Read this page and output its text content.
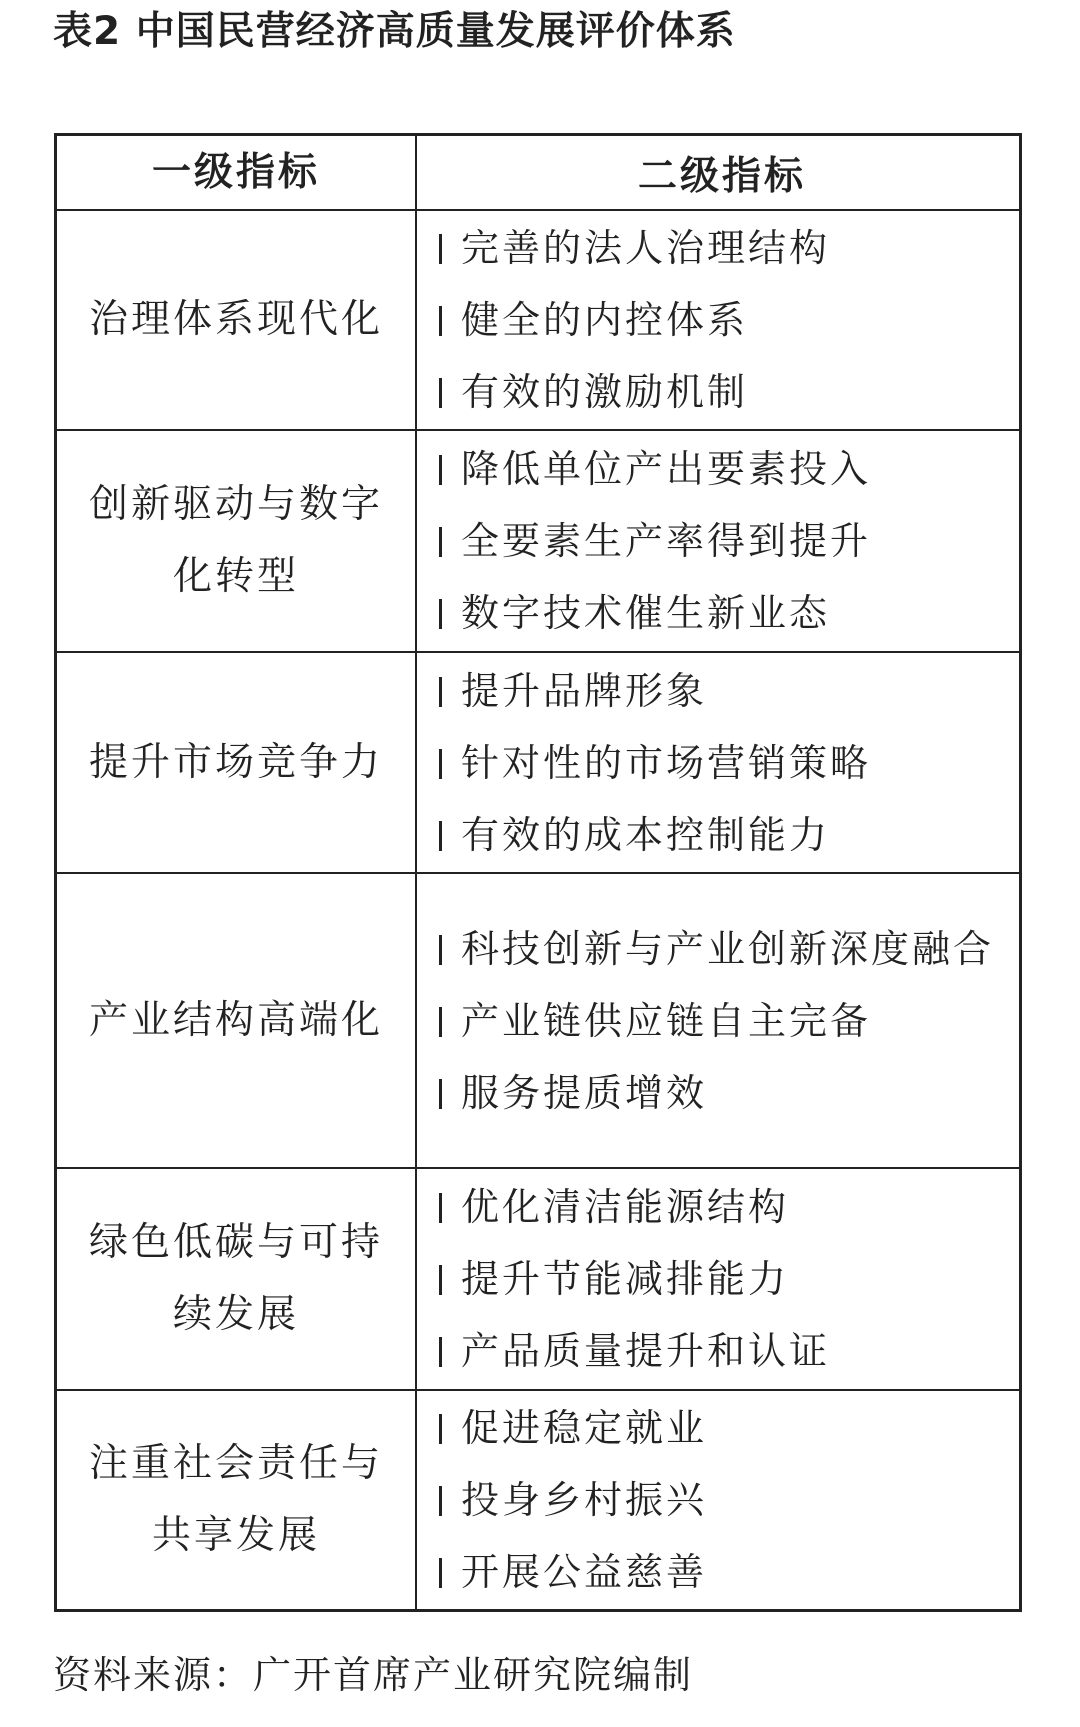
表2 中国民营经济高质量发展评价体系
一级指标	二级指标
治理体系现代化
完善的法人治理结构
健全的内控体系
有效的激励机制
创新驱动与数字化转型
降低单位产出要素投入
全要素生产率得到提升
数字技术催生新业态
提升市场竞争力
提升品牌形象
针对性的市场营销策略
有效的成本控制能力
产业结构高端化
科技创新与产业创新深度融合
产业链供应链自主完备
服务提质增效
绿色低碳与可持续发展
优化清洁能源结构
提升节能减排能力
产品质量提升和认证
注重社会责任与共享发展
促进稳定就业
投身乡村振兴
开展公益慈善
资料来源：广开首席产业研究院编制
